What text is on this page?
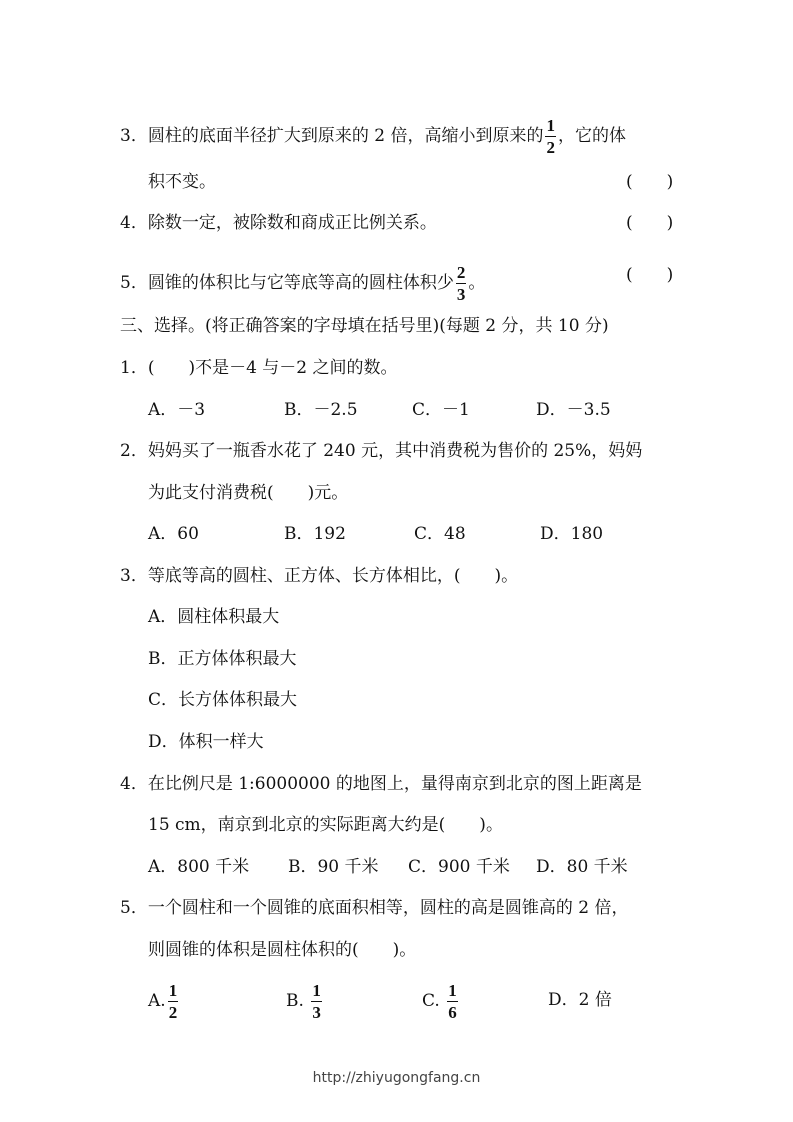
3．圆柱的底面半径扩大到原来的 2 倍，高缩小到原来的 $\frac{1}{2}$ ，它的体
积不变。	(　　)
4．除数一定，被除数和商成正比例关系。	(　　)
5．圆锥的体积比与它等底等高的圆柱体积少 $\frac{2}{3}$ 。	(　　)
三、选择。(将正确答案的字母填在括号里)(每题 2 分，共 10 分)
1．(　　)不是－4 与－2 之间的数。
A．－3	B．－2.5	C．－1	D．－3.5
2．妈妈买了一瓶香水花了 240 元，其中消费税为售价的 25%，妈妈
为此支付消费税(　　)元。
A．60	B．192	C．48	D．180
3．等底等高的圆柱、正方体、长方体相比，(　　)。
A．圆柱体积最大
B．正方体体积最大
C．长方体体积最大
D．体积一样大
4．在比例尺是 1:6000000 的地图上，量得南京到北京的图上距离是
15 cm，南京到北京的实际距离大约是(　　)。
A．800 千米 B．90 千米 C．900 千米 D．80 千米
5．一个圆柱和一个圆锥的底面积相等，圆柱的高是圆锥高的 2 倍，
则圆锥的体积是圆柱体积的(　　)。
A. $\frac{1}{2}$	B. $\frac{1}{3}$	C. $\frac{1}{6}$	D．2 倍
http://zhiyugongfang.cn
